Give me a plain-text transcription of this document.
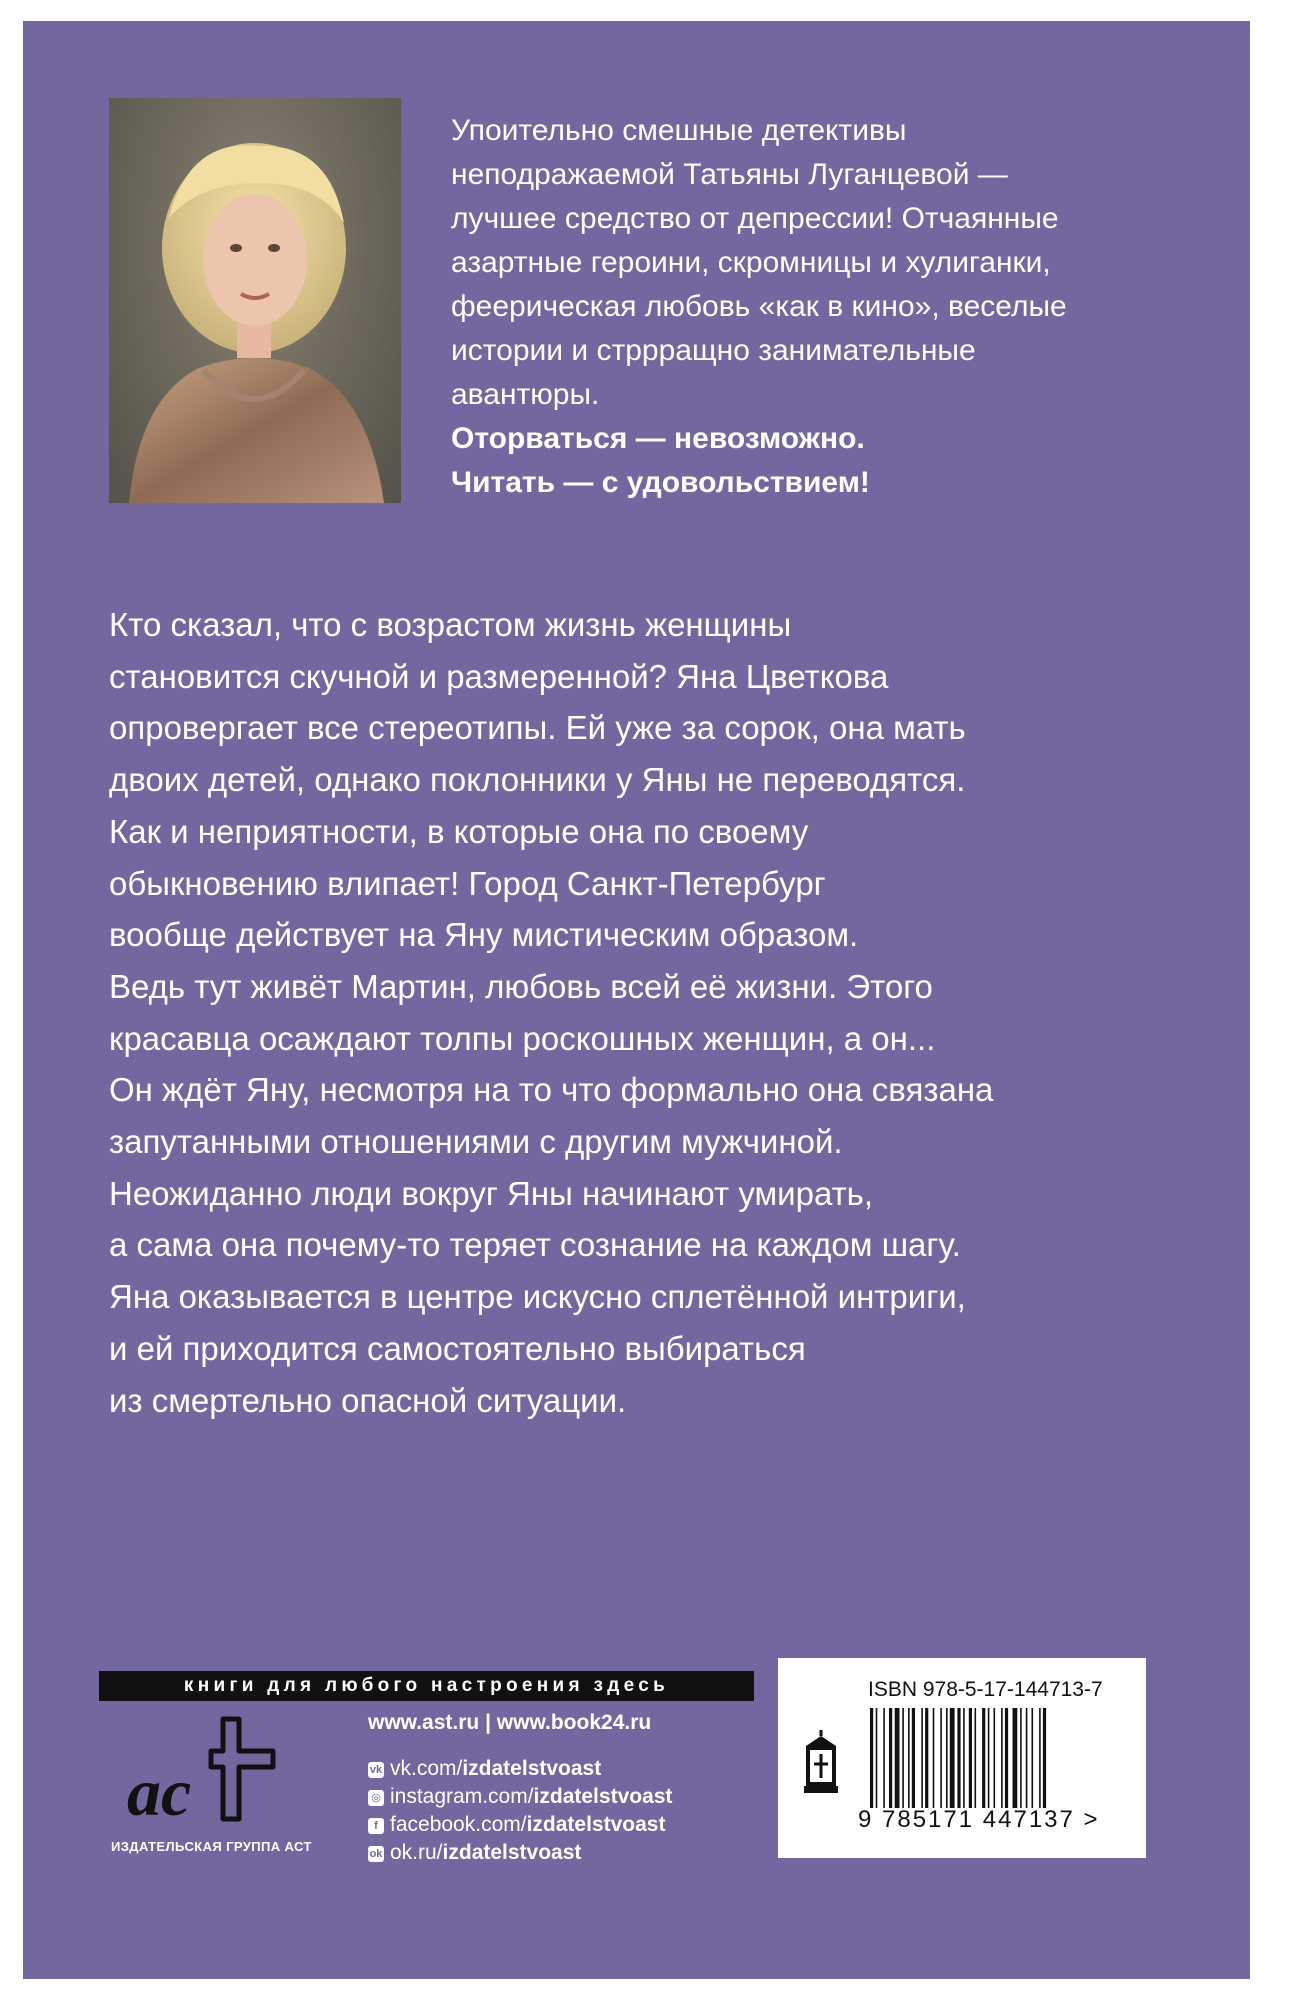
Упоительно смешные детективы
неподражаемой Татьяны Луганцевой —
лучшее средство от депрессии! Отчаянные
азартные героини, скромницы и хулиганки,
феерическая любовь «как в кино», веселые
истории и стррращно занимательные
авантюры.

Оторваться — невозможно.

Читать — с удовольствием!

Кто сказал, что с возрастом жизнь женщины
становится скучной и размеренной? Яна Цветкова
опровергает все стереотипы. Ей уже за сорок, она мать
двоих детей, однако поклонники у Яны не переводятся.
Как и неприятности, в которые она по своему
обыкновению влипает! Город Санкт-Петербург
вообще действует на Яну мистическим образом.
Ведь тут живёт Мартин, любовь всей её жизни. Этого
красавца осаждают толпы роскошных женщин, а он...
Он ждёт Яну, несмотря на то что формально она связана
запутанными отношениями с другим мужчиной.
Неожиданно люди вокруг Яны начинают умирать,
а сама она почему-то теряет сознание на каждом шагу.
Яна оказывается в центре искусно сплетённой интриги,
и ей приходится самостоятельно выбираться
из смертельно опасной ситуации.
книги для любого настроения здесь
ac
ИЗДАТЕЛЬСКАЯ ГРУППА АСТ
www.ast.ru | www.book24.ru
vk vk.com/izdatelstvoast
◎ instagram.com/izdatelstvoast
f facebook.com/izdatelstvoast
ok ok.ru/izdatelstvoast
ISBN 978-5-17-144713-7
9 785171 447137 >
